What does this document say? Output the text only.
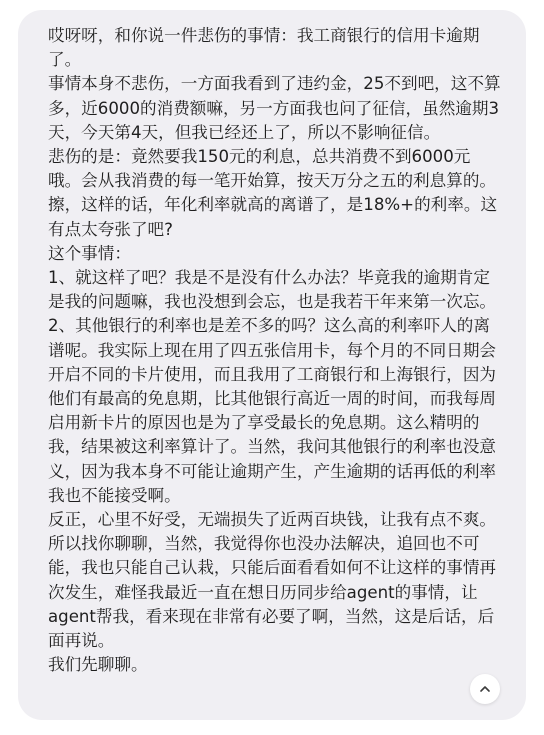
哎呀呀，和你说一件悲伤的事情：我工商银行的信用卡逾期了。

事情本身不悲伤，一方面我看到了违约金，25不到吧，这不算多，近6000的消费额嘛，另一方面我也问了征信，虽然逾期3天，今天第4天，但我已经还上了，所以不影响征信。

悲伤的是：竟然要我150元的利息，总共消费不到6000元哦。会从我消费的每一笔开始算，按天万分之五的利息算的。擦，这样的话，年化利率就高的离谱了，是18%+的利率。这有点太夸张了吧?

这个事情：

1、就这样了吧？我是不是没有什么办法？毕竟我的逾期肯定是我的问题嘛，我也没想到会忘，也是我若干年来第一次忘。

2、其他银行的利率也是差不多的吗？这么高的利率吓人的离谱呢。我实际上现在用了四五张信用卡，每个月的不同日期会开启不同的卡片使用，而且我用了工商银行和上海银行，因为他们有最高的免息期，比其他银行高近一周的时间，而我每周启用新卡片的原因也是为了享受最长的免息期。这么精明的我，结果被这利率算计了。当然，我问其他银行的利率也没意义，因为我本身不可能让逾期产生，产生逾期的话再低的利率我也不能接受啊。

反正，心里不好受，无端损失了近两百块钱，让我有点不爽。所以找你聊聊，当然，我觉得你也没办法解决，追回也不可能，我也只能自己认栽，只能后面看看如何不让这样的事情再次发生，难怪我最近一直在想日历同步给agent的事情，让agent帮我，看来现在非常有必要了啊，当然，这是后话，后面再说。

我们先聊聊。
